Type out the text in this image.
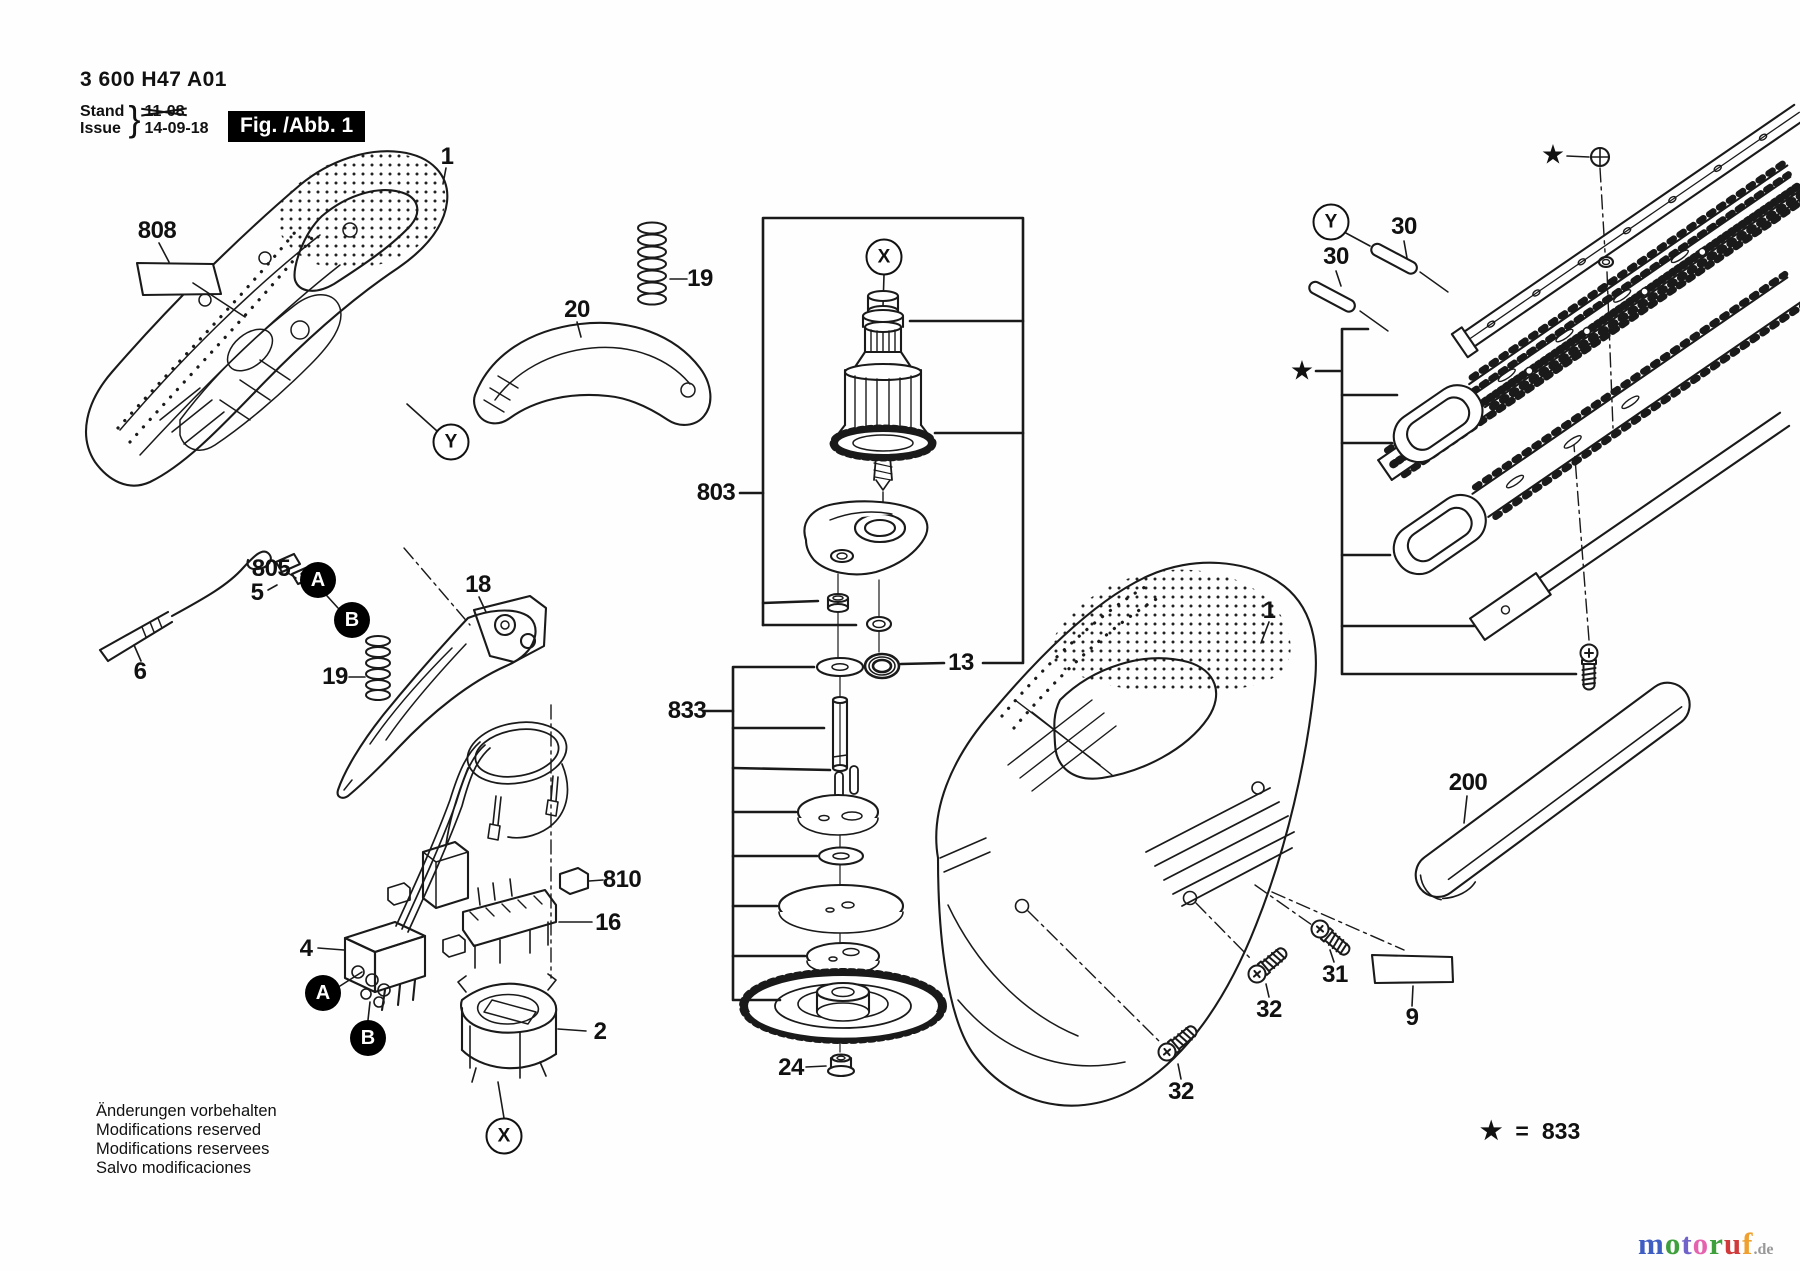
3 600 H47 A01
Stand
Issue } 11-08
14-09-18	Fig. /Abb. 1
808
1
19
20
803
833
13
805
5
6	19
18
810
16
4
2
24
1
200
31
32
32
9
30
30
X
X
Y
Y
A
B
A
B
★
★
Änderungen vorbehalten
Modifications reserved
Modifications reservees
Salvo modificaciones
★ = 833
motoruf.de
